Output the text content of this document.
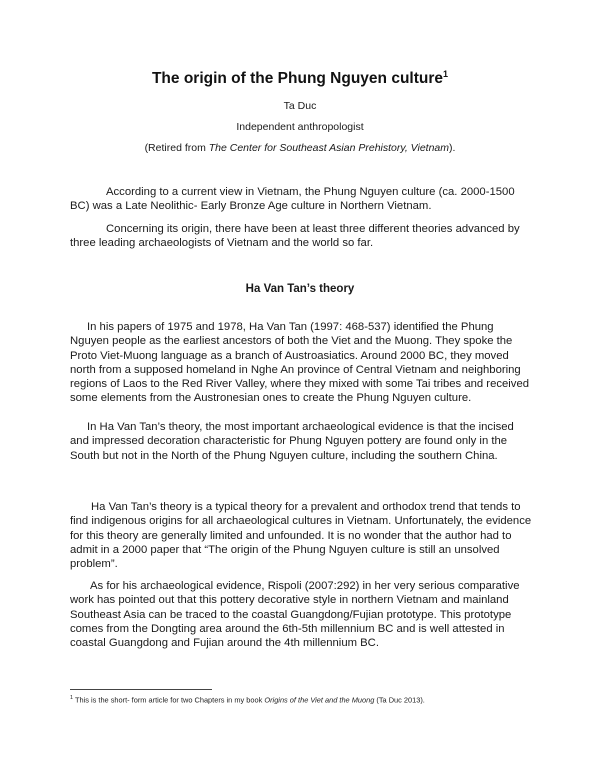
The origin of the Phung Nguyen culture$^1$
Ta Duc
Independent anthropologist
(Retired from The Center for Southeast Asian Prehistory, Vietnam).

According to a current view in Vietnam, the Phung Nguyen culture (ca. 2000-1500 BC) was a Late Neolithic- Early Bronze Age culture in Northern Vietnam.

Concerning its origin, there have been at least three different theories advanced by three leading archaeologists of Vietnam and the world so far.

Ha Van Tan’s theory

In his papers of 1975 and 1978, Ha Van Tan (1997: 468-537) identified the Phung Nguyen people as the earliest ancestors of both the Viet and the Muong. They spoke the Proto Viet-Muong language as a branch of Austroasiatics. Around 2000 BC, they moved north from a supposed homeland in Nghe An province of Central Vietnam and neighboring regions of Laos to the Red River Valley, where they mixed with some Tai tribes and received some elements from the Austronesian ones to create the Phung Nguyen culture.

In Ha Van Tan’s theory, the most important archaeological evidence is that the incised and impressed decoration characteristic for Phung Nguyen pottery are found only in the South but not in the North of the Phung Nguyen culture, including the southern China.

Ha Van Tan’s theory is a typical theory for a prevalent and orthodox trend that tends to find indigenous origins for all archaeological cultures in Vietnam. Unfortunately, the evidence for this theory are generally limited and unfounded. It is no wonder that the author had to admit in a 2000 paper that “The origin of the Phung Nguyen culture is still an unsolved problem”.

As for his archaeological evidence, Rispoli (2007:292) in her very serious comparative work has pointed out that this pottery decorative style in northern Vietnam and mainland Southeast Asia can be traced to the coastal Guangdong/Fujian prototype. This prototype comes from the Dongting area around the 6th-5th millennium BC and is well attested in coastal Guangdong and Fujian around the 4th millennium BC.

$^1$ This is the short- form article for two Chapters in my book Origins of the Viet and the Muong (Ta Duc 2013).
